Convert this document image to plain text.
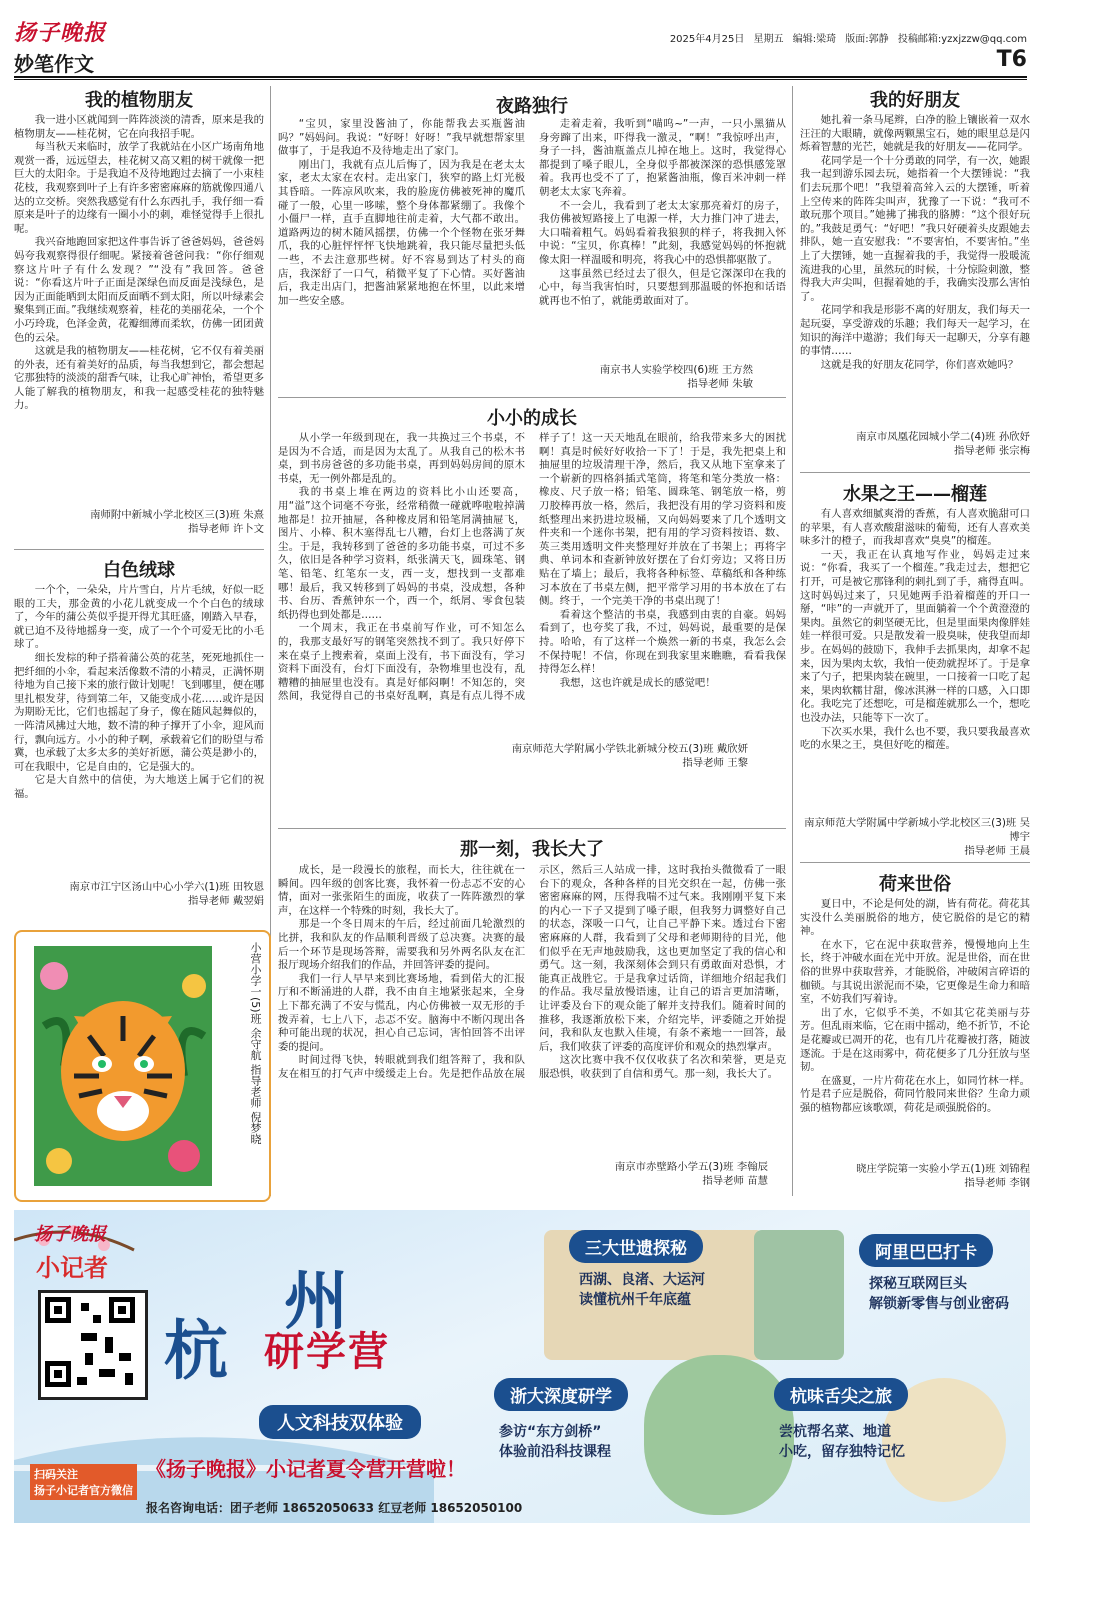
扬子晚报	2025年4月25日 星期五 编辑:梁琦 版面:郭静 投稿邮箱:yzxjzzw@qq.com
妙笔作文	T6
我的植物朋友

我一进小区就闻到一阵阵淡淡的清香，原来是我的植物朋友——桂花树，它在向我招手呢。

每当秋天来临时，放学了我就站在小区广场南角地观赏一番，远远望去，桂花树又高又粗的树干就像一把巨大的太阳伞。于是我迫不及待地跑过去摘了一小束桂花枝，我观察到叶子上有许多密密麻麻的筋就像四通八达的立交桥。突然我感觉有什么东西扎手，我仔细一看原来是叶子的边缘有一圈小小的刺，难怪觉得手上很扎呢。

我兴奋地跑回家把这件事告诉了爸爸妈妈，爸爸妈妈夸我观察得很仔细呢。紧接着爸爸问我：“你仔细观察这片叶子有什么发现？”“没有”我回答。爸爸说：“你看这片叶子正面是深绿色而反面是浅绿色，是因为正面能晒到太阳而反面晒不到太阳，所以叶绿素会聚集到正面。”我继续观察着，桂花的美丽花朵，一个个小巧玲珑，色泽金黄，花瓣细薄而柔软，仿佛一团团黄色的云朵。

这就是我的植物朋友——桂花树，它不仅有着美丽的外表，还有着美好的品质，每当我想到它，都会想起它那独特的淡淡的甜香气味，让我心旷神怡，希望更多人能了解我的植物朋友，和我一起感受桂花的独特魅力。

南师附中新城小学北校区三(3)班 朱熹
指导老师 许卜文
白色绒球

一个个，一朵朵，片片雪白，片片毛绒，好似一眨眼的工夫，那金黄的小花儿就变成一个个白色的绒球了，今年的蒲公英似乎提开得尤其旺盛，刚踏入早春，就已迫不及待地摇身一变，成了一个个可爱无比的小毛球了。

细长发棕的种子搭着蒲公英的花茎，死死地抓住一把纤细的小伞，看起来活像数不清的小精灵，正满怀期待地为自己接下来的旅行做计划呢！飞到哪里，便在哪里扎根发芽，待到第二年，又能变成小花……或许是因为期盼无比，它们也摇起了身子，像在随风起舞似的，一阵清风拂过大地，数不清的种子撑开了小伞，迎风而行，飘向远方。小小的种子啊，承载着它们的盼望与希冀，也承载了太多太多的美好祈愿，蒲公英是渺小的，可在我眼中，它是自由的，它是强大的。

它是大自然中的信使，为大地送上属于它们的祝福。

南京市江宁区汤山中心小学六(1)班 田牧恩
指导老师 戴翌娟
小营小学一(5)班 余守航 指导老师 倪梦晓
夜路独行

“宝贝，家里没酱油了，你能帮我去买瓶酱油吗？”妈妈问。我说：“好呀！好呀！”我早就想帮家里做事了，于是我迫不及待地走出了家门。

刚出门，我就有点儿后悔了，因为我是在老太太家，老太太家在农村。走出家门，狭窄的路上灯光极其昏暗。一阵凉风吹来，我的脸庞仿佛被死神的魔爪碰了一般，心里一哆嗦，整个身体都紧绷了。我像个小僵尸一样，直手直脚地往前走着，大气都不敢出。道路两边的树木随风摇摆，仿佛一个个怪物在张牙舞爪，我的心脏怦怦怦飞快地跳着，我只能尽量把头低一些，不去注意那些树。好不容易到达了村头的商店，我深舒了一口气，稍微平复了下心情。买好酱油后，我走出店门，把酱油紧紧地抱在怀里，以此来增加一些安全感。

走着走着，我听到“喵呜~”一声，一只小黑猫从身旁蹿了出来，吓得我一激灵，“啊！”我惊呼出声，身子一抖，酱油瓶盖点儿掉在地上。这时，我觉得心都提到了嗓子眼儿，全身似乎都被深深的恐惧感笼罩着。我再也受不了了，抱紧酱油瓶，像百米冲刺一样朝老太太家飞奔着。

不一会儿，我看到了老太太家那亮着灯的房子，我仿佛被短路接上了电源一样，大力推门冲了进去，大口喘着粗气。妈妈看着我狼狈的样子，将我拥入怀中说：“宝贝，你真棒！”此刻，我感觉妈妈的怀抱就像太阳一样温暖和明亮，将我心中的恐惧都驱散了。

这事虽然已经过去了很久，但是它深深印在我的心中，每当我害怕时，只要想到那温暖的怀抱和话语就再也不怕了，就能勇敢面对了。

南京书人实验学校四(6)班 王方然
指导老师 朱敏
小小的成长

从小学一年级到现在，我一共换过三个书桌，不是因为不合适，而是因为太乱了。从我自己的松木书桌，到书房爸爸的多功能书桌，再到妈妈房间的原木书桌，无一例外都是乱的。

我的书桌上堆在两边的资料比小山还要高，用“溢”这个词毫不夸张，经常稍微一碰就哗啦啦掉满地都是！拉开抽屉，各种橡皮屑和铅笔屑满抽屉飞，图片、小棒、积木塞得乱七八糟，台灯上也落满了灰尘。于是，我转移到了爸爸的多功能书桌，可过不多久，依旧是各种学习资料，纸张满天飞，圆珠笔、钢笔、铅笔、红笔东一支，西一支，想找到一支都难哪！最后，我又转移到了妈妈的书桌，没成想，各种书、台历、香蕉钟东一个，西一个，纸屑、零食包装纸扔得也到处都是……

一个周末，我正在书桌前写作业，可不知怎么的，我那支最好写的钢笔突然找不到了。我只好停下来在桌子上搜索着，桌面上没有，书下面没有，学习资料下面没有，台灯下面没有，杂物堆里也没有，乱糟糟的抽屉里也没有。真是好郁闷啊！不知怎的，突然间，我觉得自己的书桌好乱啊，真是有点儿得不成样子了！这一天天地乱在眼前，给我带来多大的困扰啊！真是时候好好收拾一下了！于是，我先把桌上和抽屉里的垃圾清理干净，然后，我又从地下室拿来了一个崭新的四格斜插式笔筒，将笔和笔分类放一格：橡皮、尺子放一格；铅笔、圆珠笔、钢笔放一格，剪刀胶棒再放一格，然后，我把没有用的学习资料和废纸整理出来扔进垃圾桶，又向妈妈要来了几个透明文件夹和一个迷你书架，把有用的学习资料按语、数、英三类用透明文件夹整理好并放在了书架上；再将字典、单词本和查新钟放好摆在了台灯旁边；又将日历贴在了墙上；最后，我将各种标签、草稿纸和各种练习本放在了书桌左侧，把平常学习用的书本放在了右侧。终于，一个完美干净的书桌出现了！

看着这个整洁的书桌，我感到由衷的自豪。妈妈看到了，也夸奖了我，不过，妈妈说，最重要的是保持。哈哈，有了这样一个焕然一新的书桌，我怎么会不保持呢！不信，你现在到我家里来瞧瞧，看看我保持得怎么样！

我想，这也许就是成长的感觉吧！

南京师范大学附属小学铁北新城分校五(3)班 戴欣妍
指导老师 王黎
那一刻，我长大了

成长，是一段漫长的旅程，而长大，往往就在一瞬间。四年级的创客比赛，我怀着一份忐忑不安的心情，面对一张张陌生的面庞，收获了一阵阵激烈的掌声，在这样一个特殊的时刻，我长大了。

那是一个冬日周末的午后，经过前面几轮激烈的比拼，我和队友的作品顺利晋级了总决赛。决赛的最后一个环节是现场答辩，需要我和另外两名队友在汇报厅现场介绍我们的作品，并回答评委的提问。

我们一行人早早来到比赛场地，看到偌大的汇报厅和不断涌进的人群，我不由自主地紧张起来，全身上下都充满了不安与慌乱，内心仿佛被一双无形的手拨弄着，七上八下，忐忑不安。脑海中不断闪现出各种可能出现的状况，担心自己忘词，害怕回答不出评委的提问。

时间过得飞快，转眼就到我们组答辩了，我和队友在相互的打气声中缓缓走上台。先是把作品放在展示区，然后三人站成一排，这时我抬头微微看了一眼台下的观众，各种各样的目光交织在一起，仿佛一张密密麻麻的网，压得我喘不过气来。我刚刚平复下来的内心一下子又提到了嗓子眼，但我努力调整好自己的状态，深吸一口气，让自己平静下来。透过台下密密麻麻的人群，我看到了父母和老师期待的目光，他们似乎在无声地鼓励我，这也更加坚定了我的信心和勇气。这一刻，我深刻体会到只有勇敢面对恐惧，才能真正战胜它。于是我拿过话筒，详细地介绍起我们的作品。我尽量放慢语速，让自己的语言更加清晰，让评委及台下的观众能了解并支持我们。随着时间的推移，我逐渐放松下来，介绍完毕，评委随之开始提问，我和队友也默入佳境，有条不紊地一一回答，最后，我们收获了评委的高度评价和观众的热烈掌声。

这次比赛中我不仅仅收获了名次和荣誉，更是克服恐惧，收获到了自信和勇气。那一刻，我长大了。

南京市赤壁路小学五(3)班 李翰辰
指导老师 苗慧
我的好朋友

她扎着一条马尾辫，白净的脸上镶嵌着一双水汪汪的大眼睛，就像两颗黑宝石，她的眼里总是闪烁着智慧的光芒，她就是我的好朋友——花同学。

花同学是一个十分勇敢的同学，有一次，她跟我一起到游乐园去玩，她指着一个大摆锤说：“我们去玩那个吧！”我望着高耸入云的大摆锤，听着上空传来的阵阵尖叫声，犹豫了一下说：“我可不敢玩那个项目。”她拂了拂我的胳膊：“这个很好玩的。”我鼓足勇气：“好吧！”我只好硬着头皮跟她去排队，她一直安慰我：“不要害怕，不要害怕。”坐上了大摆锤，她一直握着我的手，我觉得一股暖流流进我的心里，虽然玩的时候，十分惊险刺激，整得我大声尖叫，但握着她的手，我确实没那么害怕了。

花同学和我是形影不离的好朋友，我们每天一起玩耍，享受游戏的乐趣；我们每天一起学习，在知识的海洋中遨游；我们每天一起聊天，分享有趣的事情……

这就是我的好朋友花同学，你们喜欢她吗？

南京市凤凰花园城小学二(4)班 孙欣妤
指导老师 张宗梅
水果之王——榴莲

有人喜欢细腻爽滑的香蕉，有人喜欢脆甜可口的苹果，有人喜欢酸甜滋味的葡萄，还有人喜欢美味多汁的橙子，而我却喜欢“臭臭”的榴莲。

一天，我正在认真地写作业，妈妈走过来说：“你看，我买了一个榴莲。”我走过去，想把它打开，可是被它那锋利的刺扎到了手，痛得直叫。这时妈妈过来了，只见她两手沿着榴莲的开口一掰，“咔”的一声就开了，里面躺着一个个黄澄澄的果肉。虽然它的刺坚硬无比，但是里面果肉像胖娃娃一样很可爱。只是散发着一股臭味，使我望而却步。在妈妈的鼓励下，我伸手去抓果肉，却拿不起来，因为果肉太软，我怕一使劲就捏坏了。于是拿来了勺子，把果肉装在碗里，一口接着一口吃了起来，果肉软糯甘甜，像冰淇淋一样的口感，入口即化。我吃完了还想吃，可是榴莲就那么一个，想吃也没办法，只能等下一次了。

下次买水果，我什么也不要，我只要我最喜欢吃的水果之王，臭但好吃的榴莲。

南京师范大学附属中学新城小学北校区三(3)班 吴博宇
指导老师 王晨
荷来世俗

夏日中，不论是何处的湖，皆有荷花。荷花其实没什么美丽脱俗的地方，使它脱俗的是它的精神。

在水下，它在泥中获取营养，慢慢地向上生长，终于冲破水面在光中开放。泥是世俗，而在世俗的世界中获取营养，才能脱俗，冲破闲言碎语的枷锁。与其说出淤泥而不染，它更像是生命力和暗室，不妨我们写着诗。

出了水，它似乎不美，不如其它花美丽与芬芳。但乱雨来临，它在雨中摇动，绝不折节，不论是花瓣或已凋开的花，也有几片花瓣被打落，随波逐流。于是在这雨雾中，荷花便多了几分狂放与坚韧。

在盛夏，一片片荷花在水上，如同竹林一样。竹是君子应是脱俗，荷同竹般同来世俗？生命力顽强的植物都应该歌颂，荷花是顽强脱俗的。

晓庄学院第一实验小学五(1)班 刘锦程
指导老师 李钢
扬子晚报
小记者
扫码关注
扬子小记者官方微信
杭
州
研学营
人文科技双体验
《扬子晚报》小记者夏令营开营啦！
报名咨询电话：团子老师 18652050633 红豆老师 18652050100
三大世遗探秘
西湖、良渚、大运河
读懂杭州千年底蕴
阿里巴巴打卡
探秘互联网巨头
解锁新零售与创业密码
浙大深度研学
参访“东方剑桥”
体验前沿科技课程
杭味舌尖之旅
尝杭帮名菜、地道
小吃，留存独特记忆
